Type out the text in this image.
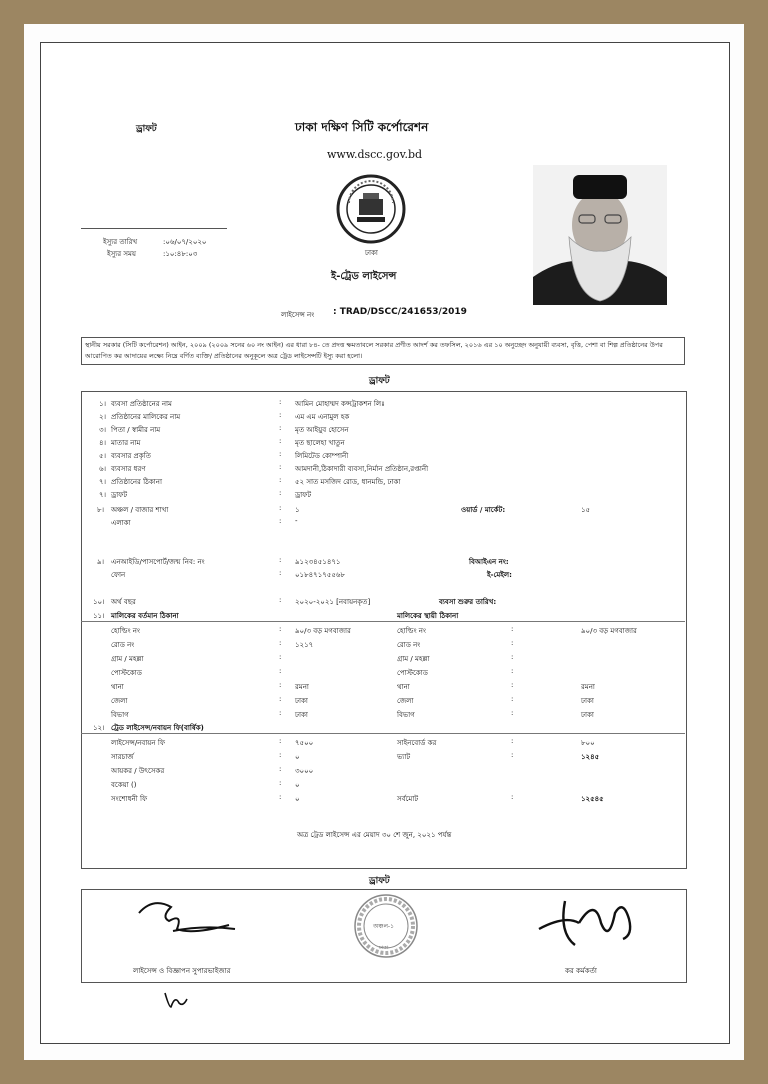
ড্রাফট	ঢাকা দক্ষিণ সিটি কর্পোরেশন
www.dscc.gov.bd
ঢাকা
ইস্যুর তারিখ	:০৬/০৭/২০২০
ইস্যুর সময়	:১০:৪৮:০৩
ই-ট্রেড লাইসেন্স
লাইসেন্স নং : TRAD/DSCC/241653/2019
স্থানীয় সরকার (সিটি কর্পোরেশন) আইন, ২০০৯ (২০০৯ সনের ৬০ নং আইন) এর ধারা ৮৪- তে প্রদত্ত ক্ষমতাবলে সরকার প্রণীত আদর্শ কর তফসিল, ২০১৬ এর ১০ অনুচ্ছেদ অনুযায়ী ব্যবসা, বৃত্তি, পেশা বা শিল্প প্রতিষ্ঠানের উপর আরোপিত কর আদায়ের লক্ষ্যে নিম্নে বর্ণিত ব্যক্তি/ প্রতিষ্ঠানের অনুকূলে অত্র ট্রেড লাইসেন্সটি ইস্যু করা হলো।
ড্রাফট
১। ব্যবসা প্রতিষ্ঠানের নাম	: আমিন মোহাম্মদ কন্সট্রাকশন লিঃ
২। প্রতিষ্ঠানের মালিকের নাম	: এম এম এনামুল হক
৩। পিতা / স্বামীর নাম	: মৃত আইয়ুব হোসেন
৪। মাতার নাম	: মৃত ছালেহা খাতুন
৫। ব্যবসার প্রকৃতি	: লিমিটেড কোম্পানী
৬। ব্যবসার ধরণ	: আমদানী,ঠিকাদারী ব্যবসা,নির্মান প্রতিষ্ঠান,রপ্তানী
৭। প্রতিষ্ঠানের ঠিকানা	: ৫২ সাত মসজিদ রোড, ধানমন্ডি, ঢাকা
৭। ড্রাফট	: ড্রাফট
৮। অঞ্চল / বাজার শাখা	: ১	ওয়ার্ড / মার্কেট:	১৫
এলাকা	: -
৯। এনআইডি/পাসপোর্ট/জন্ম নিব: নং	: ৯১২৩৪৫১৪৭১	বিআইএন নং:
ফোন	: ০১৮৪৭১৭৫৫৬৮	ই-মেইল:
১০। অর্থ বছর	: ২০২০-২০২১ [নবায়নকৃত]	ব্যবসা শুরুর তারিখ:
১১। মালিকের বর্তমান ঠিকানা	মালিকের স্থায়ী ঠিকানা
হোল্ডিং নং	: ৯০/৩ বড় মগবাজার	হোল্ডিং নং	:	৯০/৩ বড় মগবাজার
রোড নং	: ১২১৭	রোড নং	:
গ্রাম / মহল্লা	:	গ্রাম / মহল্লা	:
পোস্টকোড	:	পোস্টকোড	:
থানা	: রমনা	থানা	:	রমনা
জেলা	: ঢাকা	জেলা	:	ঢাকা
বিভাগ	: ঢাকা	বিভাগ	:	ঢাকা
১২। ট্রেড লাইসেন্স/নবায়ন ফি(বার্ষিক)
লাইসেন্স/নবায়ন ফি	: ৭৫০০	সাইনবোর্ড কর	:	৮০০
সারচার্জ	: ০	ভ্যাট	:	১২৪৫
আয়কর / উৎসেকর	: ৩০০০
বকেয়া ()	: ০
সংশোধনী ফি	: ০	সর্বমোট	:	১২৫৪৫
অত্র ট্রেড লাইসেন্স এর মেয়াদ ৩০ শে জুন, ২০২১ পর্যন্ত
ড্রাফট
লাইসেন্স ও বিজ্ঞাপন সুপারভাইজার
অঞ্চল-১
ঢাকা
কর কর্মকর্তা
